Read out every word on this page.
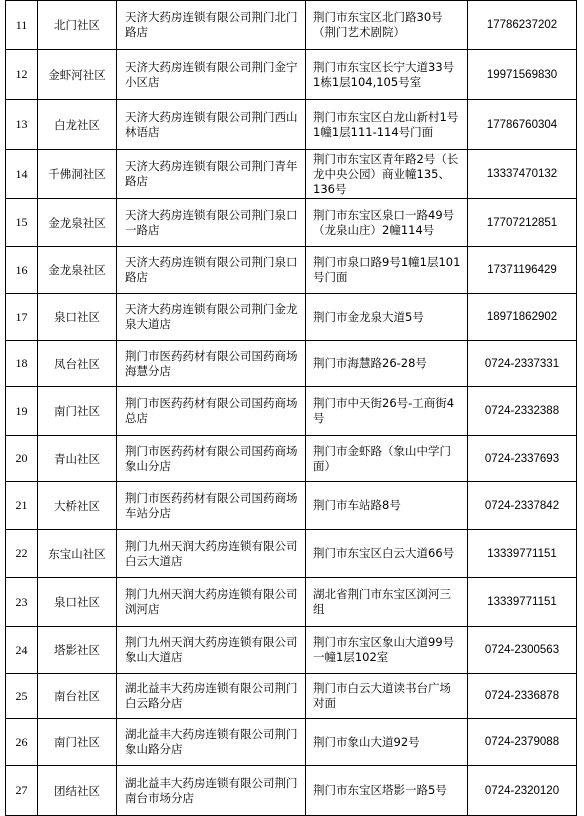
11	北门社区	天济大药房连锁有限公司荆门北门路店	荆门市东宝区北门路30号（荆门艺术剧院）	17786237202
12	金虾河社区	天济大药房连锁有限公司荆门金宁小区店	荆门市东宝区长宁大道33号1栋1层104,105号室	19971569830
13	白龙社区	天济大药房连锁有限公司荆门西山林语店	荆门市东宝区白龙山新村1号1幢1层111-114号门面	17786760304
14	千佛洞社区	天济大药房连锁有限公司荆门青年路店	荆门市东宝区青年路2号（长龙中央公园）商业幢135、136号	13337470132
15	金龙泉社区	天济大药房连锁有限公司荆门泉口一路店	荆门市东宝区泉口一路49号（龙泉山庄）2幢114号	17707212851
16	金龙泉社区	天济大药房连锁有限公司荆门泉口路店	荆门市泉口路9号1幢1层101号门面	17371196429
17	泉口社区	天济大药房连锁有限公司荆门金龙泉大道店	荆门市金龙泉大道5号	18971862902
18	凤台社区	荆门市医药药材有限公司国药商场海慧分店	荆门市海慧路26-28号	0724-2337331
19	南门社区	荆门市医药药材有限公司国药商场总店	荆门市中天街26号-工商街4号	0724-2332388
20	青山社区	荆门市医药药材有限公司国药商场象山分店	荆门市金虾路（象山中学门面）	0724-2337693
21	大桥社区	荆门市医药药材有限公司国药商场车站分店	荆门市车站路8号	0724-2337842
22	东宝山社区	荆门九州天润大药房连锁有限公司白云大道店	荆门市东宝区白云大道66号	13339771151
23	泉口社区	荆门九州天润大药房连锁有限公司浏河店	湖北省荆门市东宝区浏河三组	13339771151
24	塔影社区	荆门九州天润大药房连锁有限公司象山大道店	荆门市东宝区象山大道99号一幢1层102室	0724-2300563
25	南台社区	湖北益丰大药房连锁有限公司荆门白云路分店	荆门市白云大道读书台广场对面	0724-2336878
26	南门社区	湖北益丰大药房连锁有限公司荆门象山路分店	荆门市象山大道92号	0724-2379088
27	团结社区	湖北益丰大药房连锁有限公司荆门南台市场分店	荆门市东宝区塔影一路5号	0724-2320120
